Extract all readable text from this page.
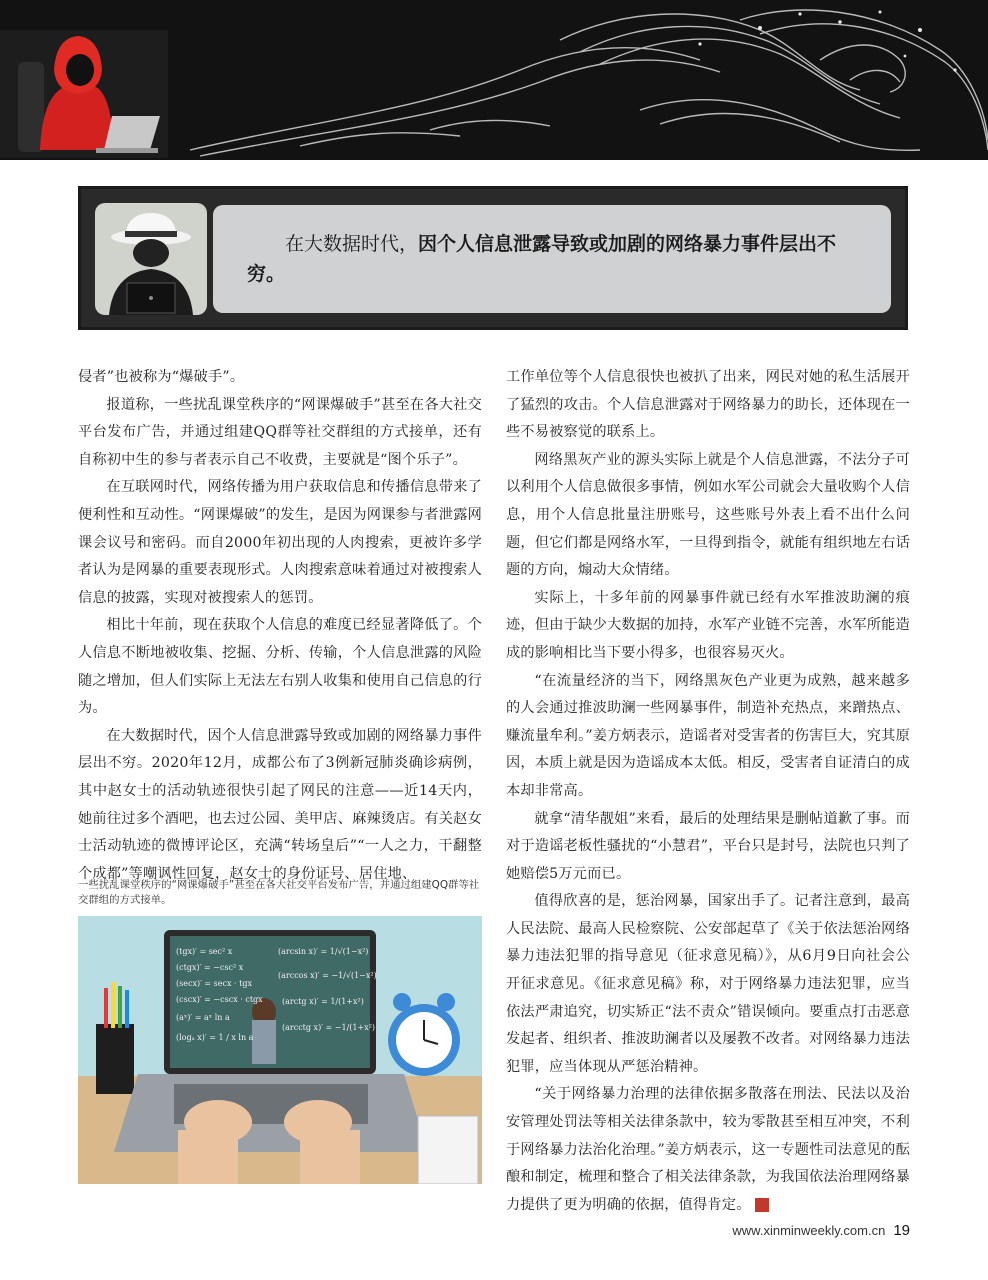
在大数据时代，因个人信息泄露导致或加剧的网络暴力事件层出不穷。

侵者”也被称为“爆破手”。

报道称，一些扰乱课堂秩序的“网课爆破手”甚至在各大社交平台发布广告，并通过组建QQ群等社交群组的方式接单，还有自称初中生的参与者表示自己不收费，主要就是“图个乐子”。

在互联网时代，网络传播为用户获取信息和传播信息带来了便利性和互动性。“网课爆破”的发生，是因为网课参与者泄露网课会议号和密码。而自2000年初出现的人肉搜索，更被许多学者认为是网暴的重要表现形式。人肉搜索意味着通过对被搜索人信息的披露，实现对被搜索人的惩罚。

相比十年前，现在获取个人信息的难度已经显著降低了。个人信息不断地被收集、挖掘、分析、传输，个人信息泄露的风险随之增加，但人们实际上无法左右别人收集和使用自己信息的行为。

在大数据时代，因个人信息泄露导致或加剧的网络暴力事件层出不穷。2020年12月，成都公布了3例新冠肺炎确诊病例，其中赵女士的活动轨迹很快引起了网民的注意——近14天内，她前往过多个酒吧，也去过公园、美甲店、麻辣烫店。有关赵女士活动轨迹的微博评论区，充满“转场皇后”“一人之力，干翻整个成都”等嘲讽性回复，赵女士的身份证号、居住地、

一些扰乱课堂秩序的“网课爆破手”甚至在各大社交平台发布广告，并通过组建QQ群等社交群组的方式接单。
(tgx)′ = sec² x
(ctgx)′ = −csc² x
(secx)′ = secx · tgx
(cscx)′ = −cscx · ctgx
(aˣ)′ = aˣ ln a
(logₐ x)′ = 1 / x ln a
(arcsin x)′ = 1/√(1−x²)
(arccos x)′ = −1/√(1−x²)
(arctg x)′ = 1/(1+x²)
(arcctg x)′ = −1/(1+x²)

工作单位等个人信息很快也被扒了出来，网民对她的私生活展开了猛烈的攻击。个人信息泄露对于网络暴力的助长，还体现在一些不易被察觉的联系上。

网络黑灰产业的源头实际上就是个人信息泄露，不法分子可以利用个人信息做很多事情，例如水军公司就会大量收购个人信息，用个人信息批量注册账号，这些账号外表上看不出什么问题，但它们都是网络水军，一旦得到指令，就能有组织地左右话题的方向，煽动大众情绪。

实际上，十多年前的网暴事件就已经有水军推波助澜的痕迹，但由于缺少大数据的加持，水军产业链不完善，水军所能造成的影响相比当下要小得多，也很容易灭火。

“在流量经济的当下，网络黑灰色产业更为成熟，越来越多的人会通过推波助澜一些网暴事件，制造补充热点，来蹭热点、赚流量牟利。”姜方炳表示，造谣者对受害者的伤害巨大，究其原因，本质上就是因为造谣成本太低。相反，受害者自证清白的成本却非常高。

就拿“清华靓姐”来看，最后的处理结果是删帖道歉了事。而对于造谣老板性骚扰的“小慧君”，平台只是封号，法院也只判了她赔偿5万元而已。

值得欣喜的是，惩治网暴，国家出手了。记者注意到，最高人民法院、最高人民检察院、公安部起草了《关于依法惩治网络暴力违法犯罪的指导意见（征求意见稿）》，从6月9日向社会公开征求意见。《征求意见稿》称，对于网络暴力违法犯罪，应当依法严肃追究，切实矫正“法不责众”错误倾向。要重点打击恶意发起者、组织者、推波助澜者以及屡教不改者。对网络暴力违法犯罪，应当体现从严惩治精神。

“关于网络暴力治理的法律依据多散落在刑法、民法以及治安管理处罚法等相关法律条款中，较为零散甚至相互冲突，不利于网络暴力法治化治理。”姜方炳表示，这一专题性司法意见的酝酿和制定，梳理和整合了相关法律条款，为我国依法治理网络暴力提供了更为明确的依据，值得肯定。	民

www.xinminweekly.com.cn 19
